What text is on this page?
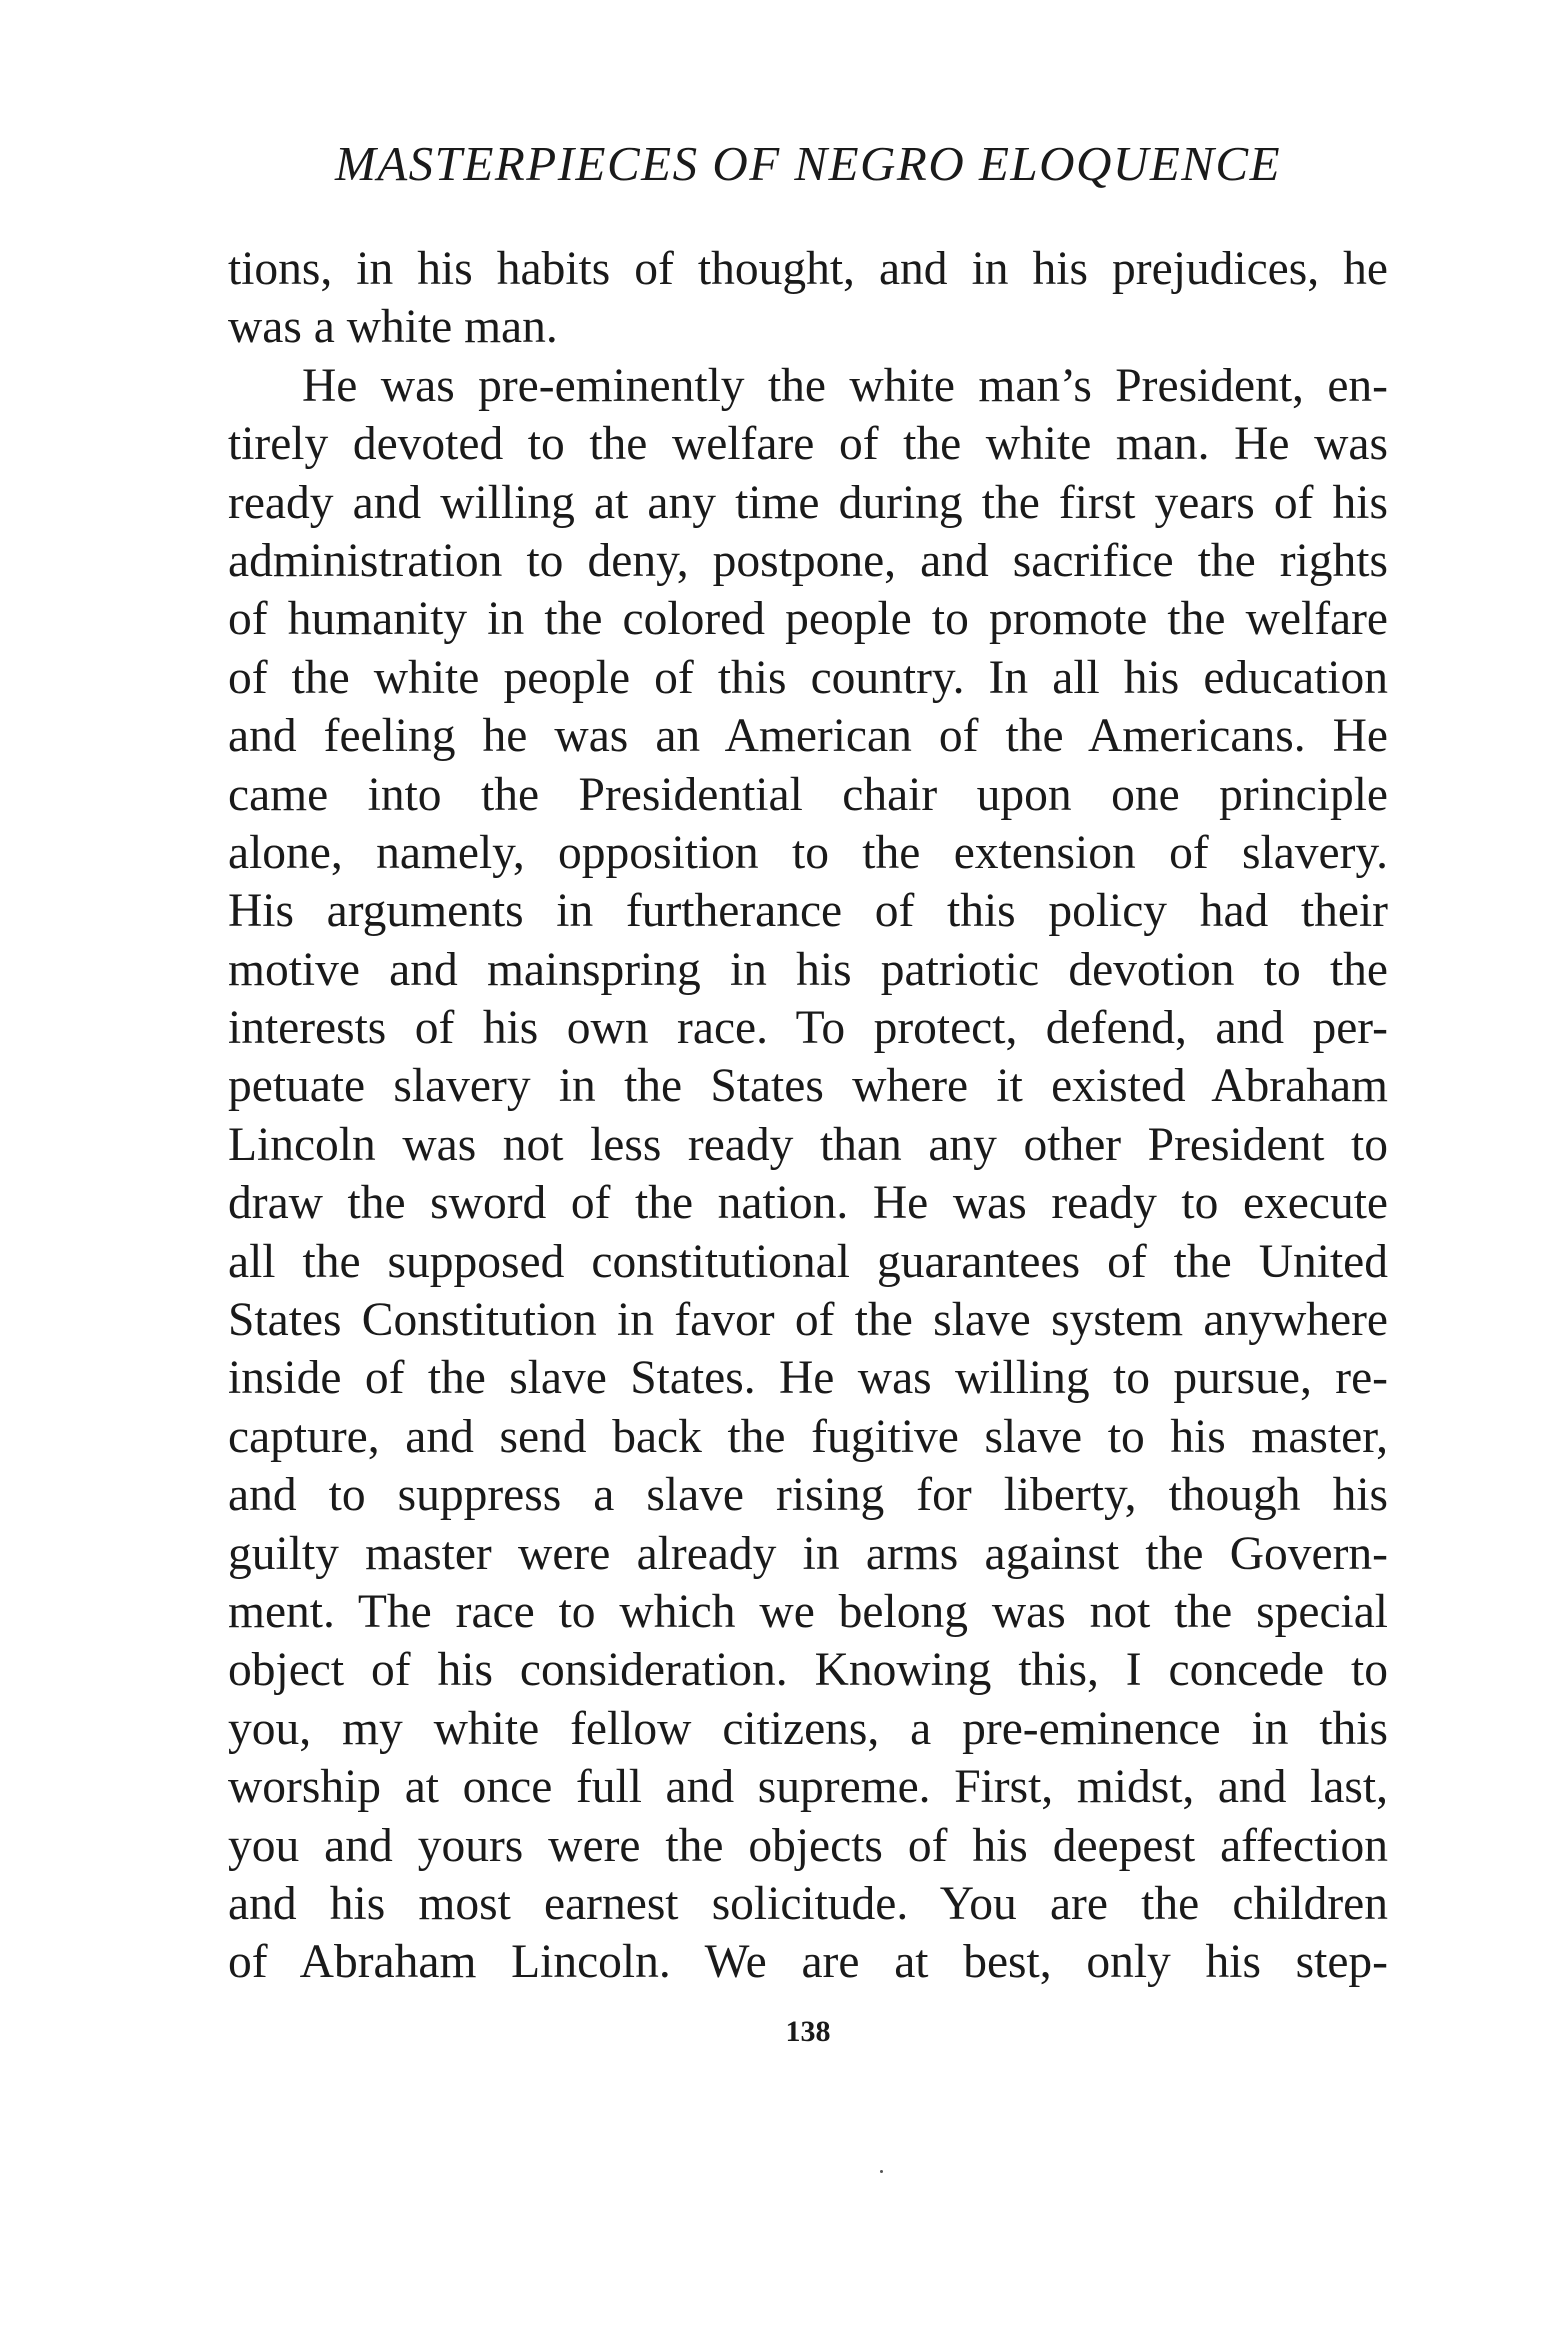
MASTERPIECES OF NEGRO ELOQUENCE
tions, in his habits of thought, and in his prejudices, he
was a white man.
He was pre-eminently the white man’s President, en-
tirely devoted to the welfare of the white man. He was
ready and willing at any time during the first years of his
administration to deny, postpone, and sacrifice the rights
of humanity in the colored people to promote the welfare
of the white people of this country. In all his education
and feeling he was an American of the Americans. He
came into the Presidential chair upon one principle
alone, namely, opposition to the extension of slavery.
His arguments in furtherance of this policy had their
motive and mainspring in his patriotic devotion to the
interests of his own race. To protect, defend, and per-
petuate slavery in the States where it existed Abraham
Lincoln was not less ready than any other President to
draw the sword of the nation. He was ready to execute
all the supposed constitutional guarantees of the United
States Constitution in favor of the slave system anywhere
inside of the slave States. He was willing to pursue, re-
capture, and send back the fugitive slave to his master,
and to suppress a slave rising for liberty, though his
guilty master were already in arms against the Govern-
ment. The race to which we belong was not the special
object of his consideration. Knowing this, I concede to
you, my white fellow citizens, a pre-eminence in this
worship at once full and supreme. First, midst, and last,
you and yours were the objects of his deepest affection
and his most earnest solicitude. You are the children
of Abraham Lincoln. We are at best, only his step-
138
